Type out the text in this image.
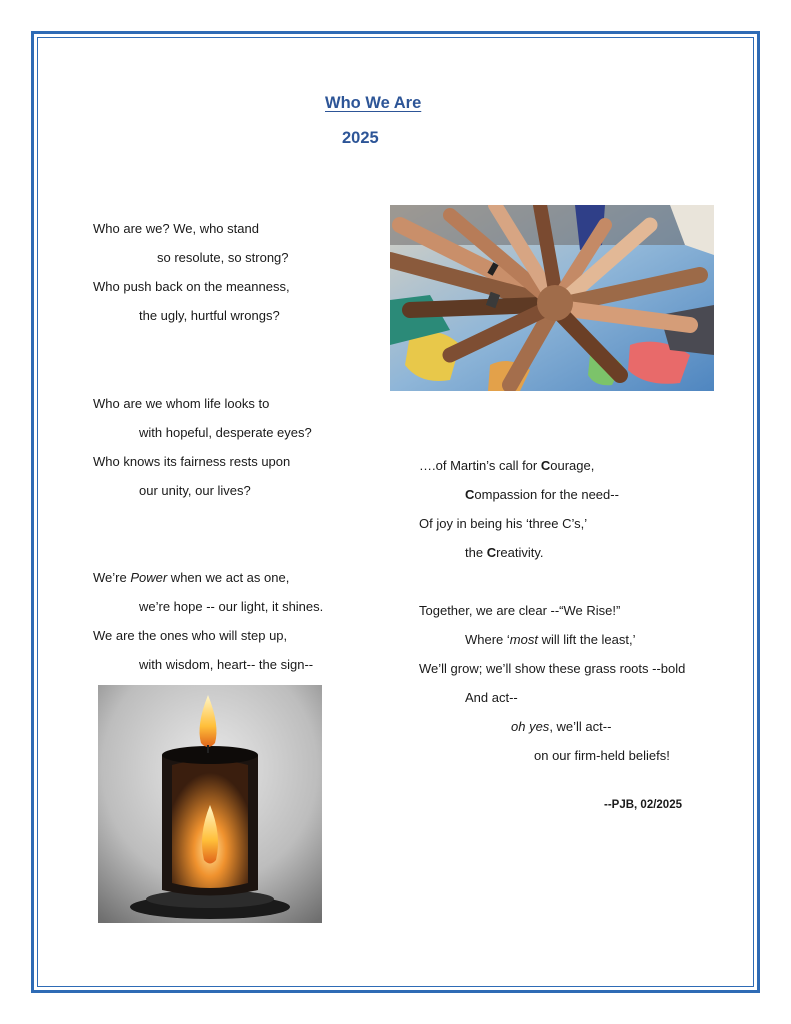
Who We Are
2025
Who are we? We, who stand
so resolute, so strong?
Who push back on the meanness,
the ugly, hurtful wrongs?
Who are we whom life looks to
with hopeful, desperate eyes?
Who knows its fairness rests upon
our unity, our lives?
We’re Power when we act as one,
we’re hope -- our light, it shines.
We are the ones who will step up,
with wisdom, heart-- the sign--
….of Martin’s call for Courage,
Compassion for the need--
Of joy in being his ‘three C’s,’
the Creativity.
Together, we are clear --“We Rise!”
Where ‘most will lift the least,’
We’ll grow; we’ll show these grass roots --bold
And act--
oh yes, we’ll act--
on our firm-held beliefs!
--PJB, 02/2025
